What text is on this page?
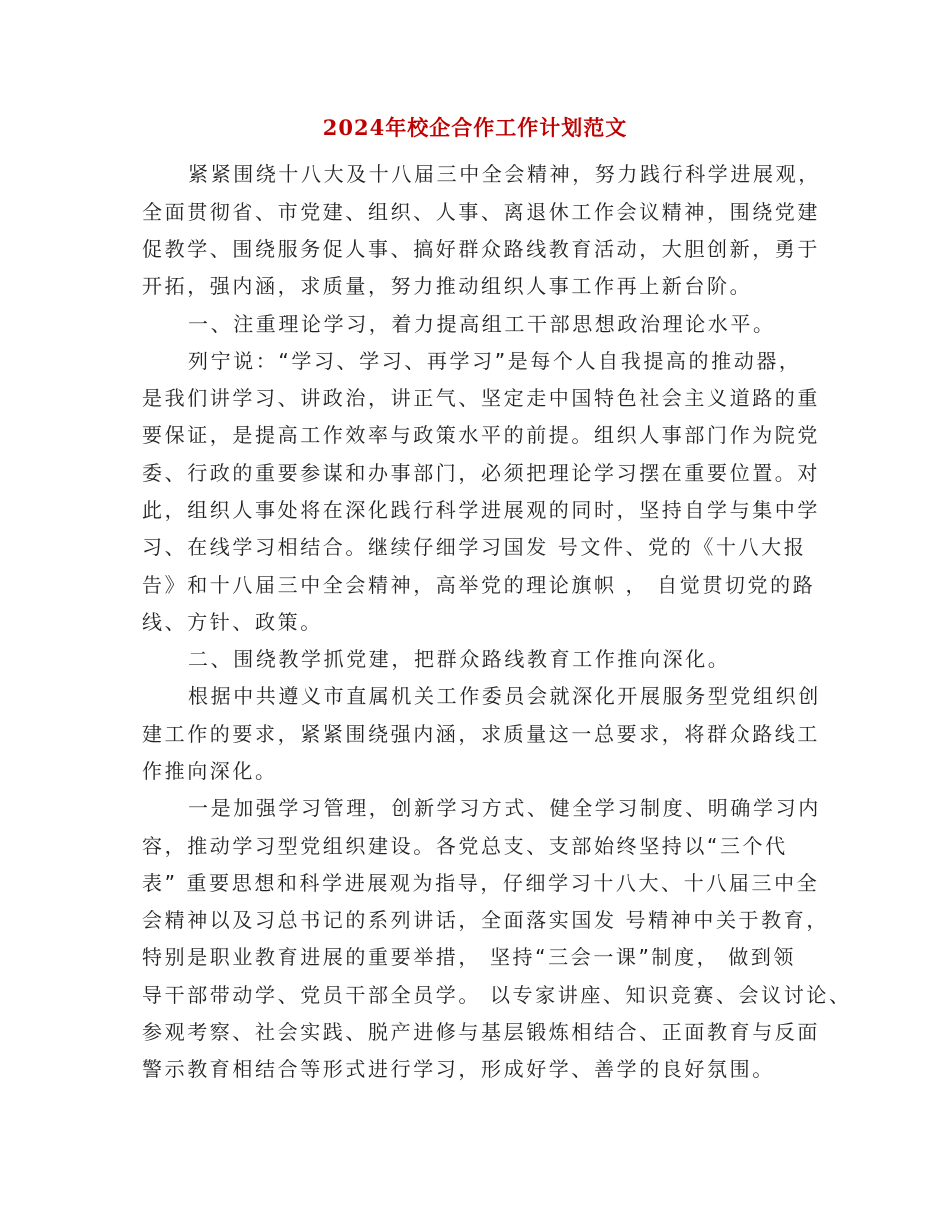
2024年校企合作工作计划范文
紧紧围绕十八大及十八届三中全会精神，努力践行科学进展观，
全面贯彻省、市党建、组织、人事、离退休工作会议精神，围绕党建
促教学、围绕服务促人事、搞好群众路线教育活动，大胆创新，勇于
开拓，强内涵，求质量，努力推动组织人事工作再上新台阶。
一、注重理论学习，着力提高组工干部思想政治理论水平。
列宁说：“学习、学习、再学习”是每个人自我提高的推动器，
是我们讲学习、讲政治，讲正气、坚定走中国特色社会主义道路的重
要保证，是提高工作效率与政策水平的前提。组织人事部门作为院党
委、行政的重要参谋和办事部门，必须把理论学习摆在重要位置。对
此，组织人事处将在深化践行科学进展观的同时，坚持自学与集中学
习、在线学习相结合。继续仔细学习国发 号文件、党的《十八大报
告》和十八届三中全会精神，高举党的理论旗帜 ， 自觉贯切党的路
线、方针、政策。
二、围绕教学抓党建，把群众路线教育工作推向深化。
根据中共遵义市直属机关工作委员会就深化开展服务型党组织创
建工作的要求，紧紧围绕强内涵，求质量这一总要求，将群众路线工
作推向深化。
一是加强学习管理，创新学习方式、健全学习制度、明确学习内
容，推动学习型党组织建设。各党总支、支部始终坚持以“三个代
表” 重要思想和科学进展观为指导，仔细学习十八大、十八届三中全
会精神以及习总书记的系列讲话，全面落实国发 号精神中关于教育，
特别是职业教育进展的重要举措， 坚持“三会一课”制度， 做到领
导干部带动学、党员干部全员学。 以专家讲座、知识竞赛、会议讨论、
参观考察、社会实践、脱产进修与基层锻炼相结合、正面教育与反面
警示教育相结合等形式进行学习，形成好学、善学的良好氛围。
